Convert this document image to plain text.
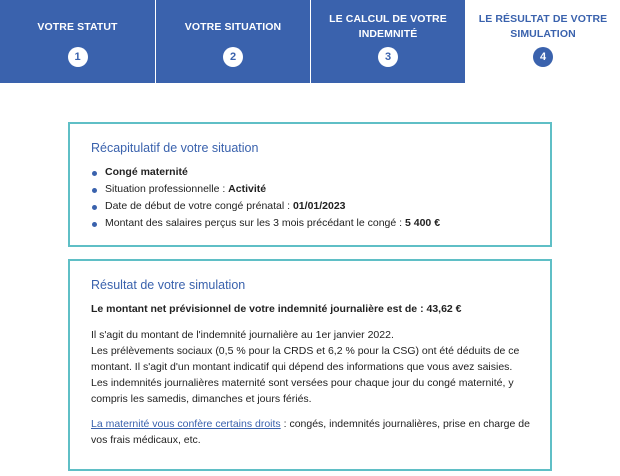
VOTRE STATUT
1
VOTRE SITUATION
2
LE CALCUL DE VOTRE INDEMNITÉ
3
LE RÉSULTAT DE VOTRE SIMULATION
4
Récapitulatif de votre situation
Congé maternité
Situation professionnelle : Activité
Date de début de votre congé prénatal : 01/01/2023
Montant des salaires perçus sur les 3 mois précédant le congé : 5 400 €
Résultat de votre simulation
Le montant net prévisionnel de votre indemnité journalière est de : 43,62 €

Il s'agit du montant de l'indemnité journalière au 1er janvier 2022.

Les prélèvements sociaux (0,5 % pour la CRDS et 6,2 % pour la CSG) ont été déduits de ce montant. Il s'agit d'un montant indicatif qui dépend des informations que vous avez saisies.

Les indemnités journalières maternité sont versées pour chaque jour du congé maternité, y compris les samedis, dimanches et jours fériés.

La maternité vous confère certains droits : congés, indemnités journalières, prise en charge de vos frais médicaux, etc.
